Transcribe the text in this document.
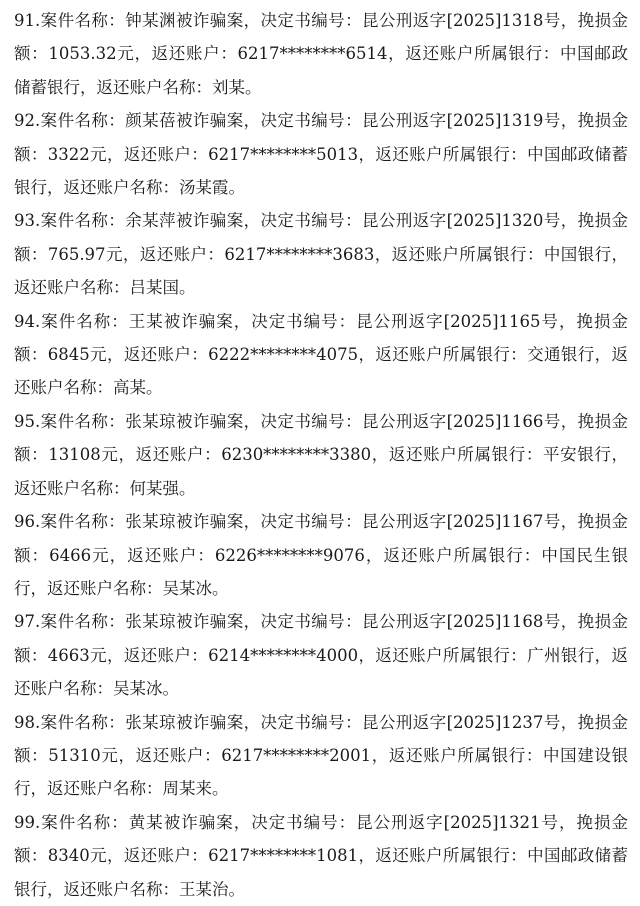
91.案件名称：钟某渊被诈骗案，决定书编号：昆公刑返字[2025]1318号，挽损金额：1053.32元，返还账户：6217********6514，返还账户所属银行：中国邮政储蓄银行，返还账户名称：刘某。

92.案件名称：颜某蓓被诈骗案，决定书编号：昆公刑返字[2025]1319号，挽损金额：3322元，返还账户：6217********5013，返还账户所属银行：中国邮政储蓄银行，返还账户名称：汤某霞。

93.案件名称：余某萍被诈骗案，决定书编号：昆公刑返字[2025]1320号，挽损金额：765.97元，返还账户：6217********3683，返还账户所属银行：中国银行，返还账户名称：吕某国。

94.案件名称：王某被诈骗案，决定书编号：昆公刑返字[2025]1165号，挽损金额：6845元，返还账户：6222********4075，返还账户所属银行：交通银行，返还账户名称：高某。

95.案件名称：张某琼被诈骗案，决定书编号：昆公刑返字[2025]1166号，挽损金额：13108元，返还账户：6230********3380，返还账户所属银行：平安银行，返还账户名称：何某强。

96.案件名称：张某琼被诈骗案，决定书编号：昆公刑返字[2025]1167号，挽损金额：6466元，返还账户：6226********9076，返还账户所属银行：中国民生银行，返还账户名称：吴某冰。

97.案件名称：张某琼被诈骗案，决定书编号：昆公刑返字[2025]1168号，挽损金额：4663元，返还账户：6214********4000，返还账户所属银行：广州银行，返还账户名称：吴某冰。

98.案件名称：张某琼被诈骗案，决定书编号：昆公刑返字[2025]1237号，挽损金额：51310元，返还账户：6217********2001，返还账户所属银行：中国建设银行，返还账户名称：周某来。

99.案件名称：黄某被诈骗案，决定书编号：昆公刑返字[2025]1321号，挽损金额：8340元，返还账户：6217********1081，返还账户所属银行：中国邮政储蓄银行，返还账户名称：王某治。
